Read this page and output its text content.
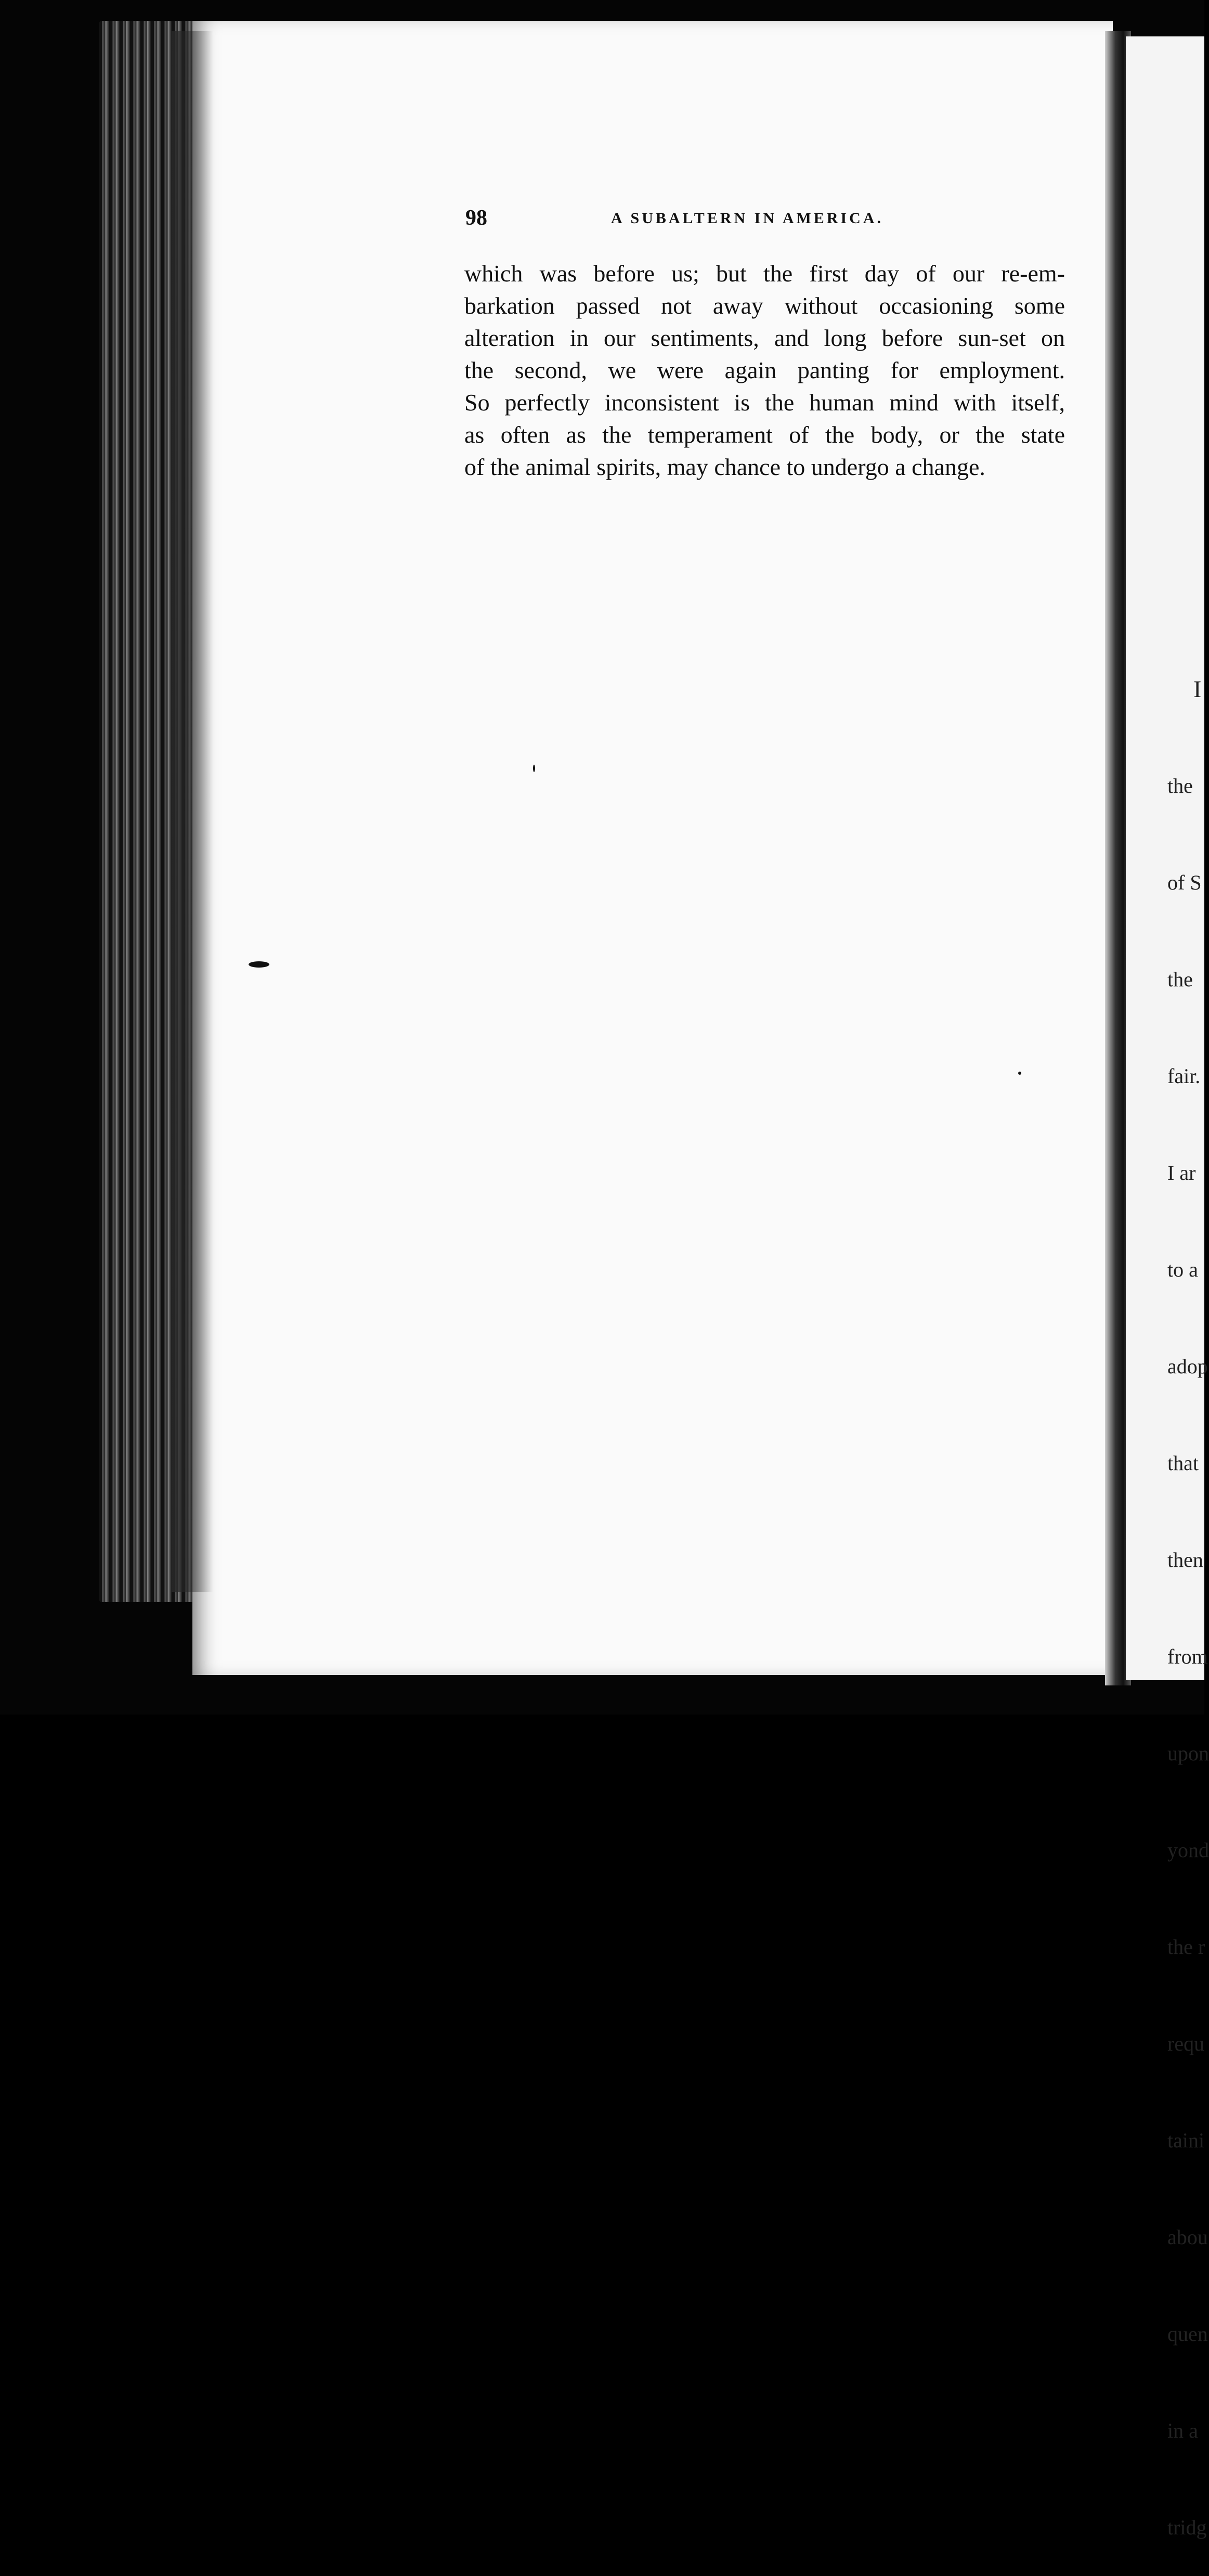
98	A SUBALTERN IN AMERICA.
which was before us; but the first day of our re-em-
barkation passed not away without occasioning some
alteration in our sentiments, and long before sun-set on
the second, we were again panting for employment.
So perfectly inconsistent is the human mind with itself,
as often as the temperament of the body, or the state
of the animal spirits, may chance to undergo a change.

I

the

of S

the

fair.

I ar

to a

adop

that

then

from

upon

yond

the r

requ

taini

abou

quen

in a

tridg
